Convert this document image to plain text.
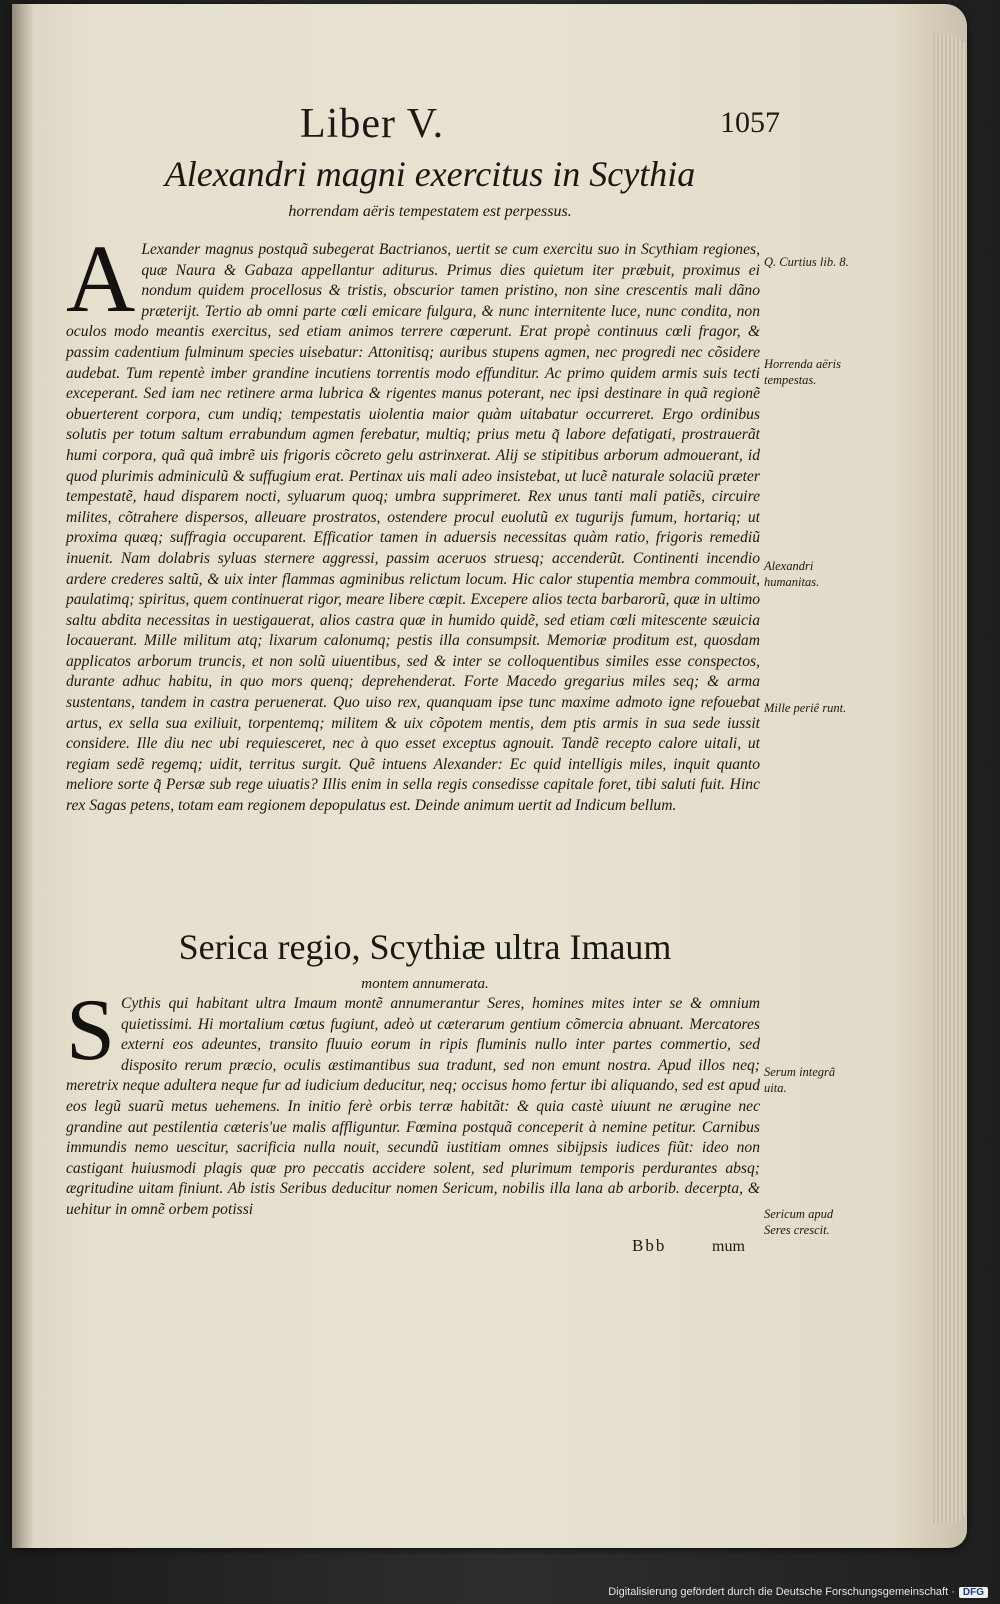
Liber V.	1057
Alexandri magni exercitus in Scythia
horrendam aëris tempestatem est perpessus.
A Lexander magnus postquã subegerat Bactrianos, uertit se cum exercitu suo in Scythiam regiones, quæ Naura & Gabaza appellantur aditurus. Primus dies quietum iter præbuit, proximus ei nondum quidem procellosus & tristis, obscurior tamen pristino, non sine crescentis mali dãno præterijt. Tertio ab omni parte cœli emicare fulgura, & nunc internitente luce, nunc condita, non oculos modo meantis exercitus, sed etiam animos terrere cœperunt. Erat propè continuus cœli fragor, & passim cadentium fulminum species uisebatur: Attonitisq; auribus stupens agmen, nec progredi nec cõsidere audebat. Tum repentè imber grandine incutiens torrentis modo effunditur. Ac primo quidem armis suis tecti exceperant. Sed iam nec retinere arma lubrica & rigentes manus poterant, nec ipsi destinare in quã regionẽ obuerterent corpora, cum undiq; tempestatis uiolentia maior quàm uitabatur occurreret. Ergo ordinibus solutis per totum saltum errabundum agmen ferebatur, multiq; prius metu q̃ labore defatigati, prostrauerãt humi corpora, quã quã imbrẽ uis frigoris cõcreto gelu astrinxerat. Alij se stipitibus arborum admouerant, id quod plurimis adminiculũ & suffugium erat. Pertinax uis mali adeo insistebat, ut lucẽ naturale solaciũ præter tempestatẽ, haud disparem nocti, syluarum quoq; umbra supprimeret. Rex unus tanti mali patiẽs, circuire milites, cõtrahere dispersos, alleuare prostratos, ostendere procul euolutũ ex tugurijs fumum, hortariq; ut proxima quæq; suffragia occuparent. Efficatior tamen in aduersis necessitas quàm ratio, frigoris remediũ inuenit. Nam dolabris syluas sternere aggressi, passim aceruos struesq; accenderũt. Continenti incendio ardere crederes saltũ, & uix inter flammas agminibus relictum locum. Hic calor stupentia membra commouit, paulatimq; spiritus, quem continuerat rigor, meare libere cœpit. Excepere alios tecta barbarorũ, quæ in ultimo saltu abdita necessitas in uestigauerat, alios castra quæ in humido quidẽ, sed etiam cœli mitescente sæuicia locauerant. Mille militum atq; lixarum calonumq; pestis illa consumpsit. Memoriæ proditum est, quosdam applicatos arborum truncis, et non solũ uiuentibus, sed & inter se colloquentibus similes esse conspectos, durante adhuc habitu, in quo mors quenq; deprehenderat. Forte Macedo gregarius miles seq; & arma sustentans, tandem in castra peruenerat. Quo uiso rex, quanquam ipse tunc maxime admoto igne refouebat artus, ex sella sua exiliuit, torpentemq; militem & uix cõpotem mentis, dem ptis armis in sua sede iussit considere. Ille diu nec ubi requiesceret, nec à quo esset exceptus agnouit. Tandẽ recepto calore uitali, ut regiam sedẽ regemq; uidit, territus surgit. Quẽ intuens Alexander: Ec quid intelligis miles, inquit quanto meliore sorte q̃ Persæ sub rege uiuatis? Illis enim in sella regis consedisse capitale foret, tibi saluti fuit. Hinc rex Sagas petens, totam eam regionem depopulatus est. Deinde animum uertit ad Indicum bellum.
Q. Curtius lib. 8.
Horrenda aëris tempestas.
Alexandri humanitas.
Mille periê runt.
Serica regio, Scythiæ ultra Imaum
montem annumerata.
S Cythis qui habitant ultra Imaum montẽ annumerantur Seres, homines mites inter se & omnium quietissimi. Hi mortalium cœtus fugiunt, adeò ut cæterarum gentium cõmercia abnuant. Mercatores externi eos adeuntes, transito fluuio eorum in ripis fluminis nullo inter partes commertio, sed disposito rerum præcio, oculis æstimantibus sua tradunt, sed non emunt nostra. Apud illos neq; meretrix neque adultera neque fur ad iudicium deducitur, neq; occisus homo fertur ibi aliquando, sed est apud eos legũ suarũ metus uehemens. In initio ferè orbis terræ habitãt: & quia castè uiuunt ne ærugine nec grandine aut pestilentia cæteris'ue malis affliguntur. Fœmina postquã conceperit à nemine petitur. Carnibus immundis nemo uescitur, sacrificia nulla nouit, secundũ iustitiam omnes sibijpsis iudices fiũt: ideo non castigant huiusmodi plagis quæ pro peccatis accidere solent, sed plurimum temporis perdurantes absq; ægritudine uitam finiunt. Ab istis Seribus deducitur nomen Sericum, nobilis illa lana ab arborib. decerpta, & uehitur in omnẽ orbem potissi
Serum integrã uita.
Sericum apud Seres crescit.
Bbb	mum
Digitalisierung gefördert durch die Deutsche Forschungsgemeinschaft · DFG
